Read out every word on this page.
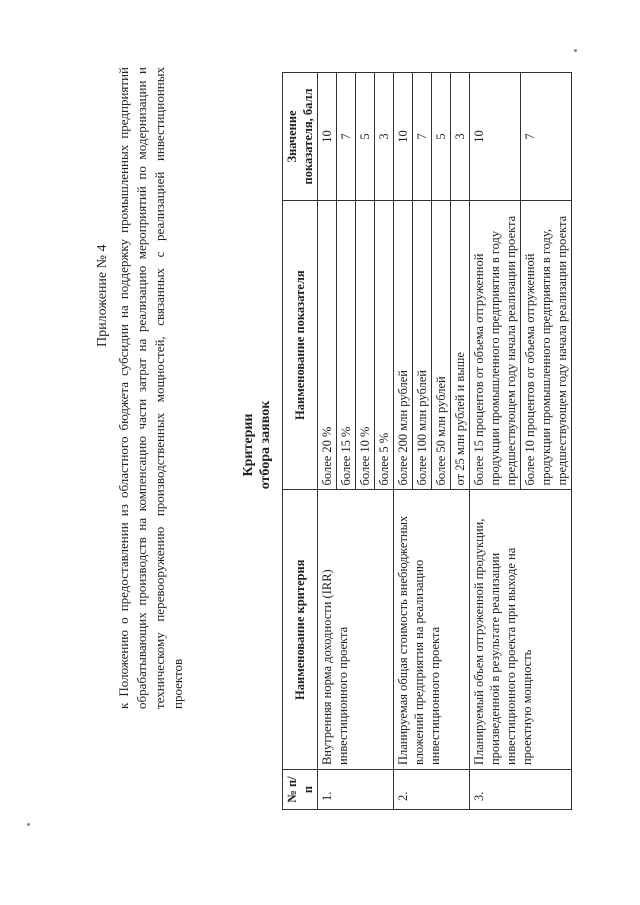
Приложение № 4 к Положению о предоставлении из областного бюджета субсидии на поддержку промышленных предприятий обрабатывающих производств на компенсацию части затрат на реализацию мероприятий по модернизации и техническому перевооружению производственных мощностей, связанных с реализацией инвестиционных проектов
Критерии отбора заявок
№ п/п	Наименование критерия	Наименование показателя	Значение показателя, балл
1.	Внутренняя норма доходности (IRR) инвестиционного проекта	более 20 %	10
		более 15 %	7
		более 10 %	5
		более 5 %	3
2.	Планируемая общая стоимость внебюджетных вложений предприятия на реализацию инвестиционного проекта	более 200 млн рублей	10
		более 100 млн рублей	7
		более 50 млн рублей	5
		от 25 млн рублей и выше	3
3.	Планируемый объем отгруженной продукции, произведенной в результате реализации инвестиционного проекта при выходе на проектную мощность	более 15 процентов от объема отгруженной продукции промышленного предприятия в году предшествующем году начала реализации проекта	10
		более 10 процентов от объема отгруженной продукции промышленного предприятия в году, предшествующем году начала реализации проекта	7
